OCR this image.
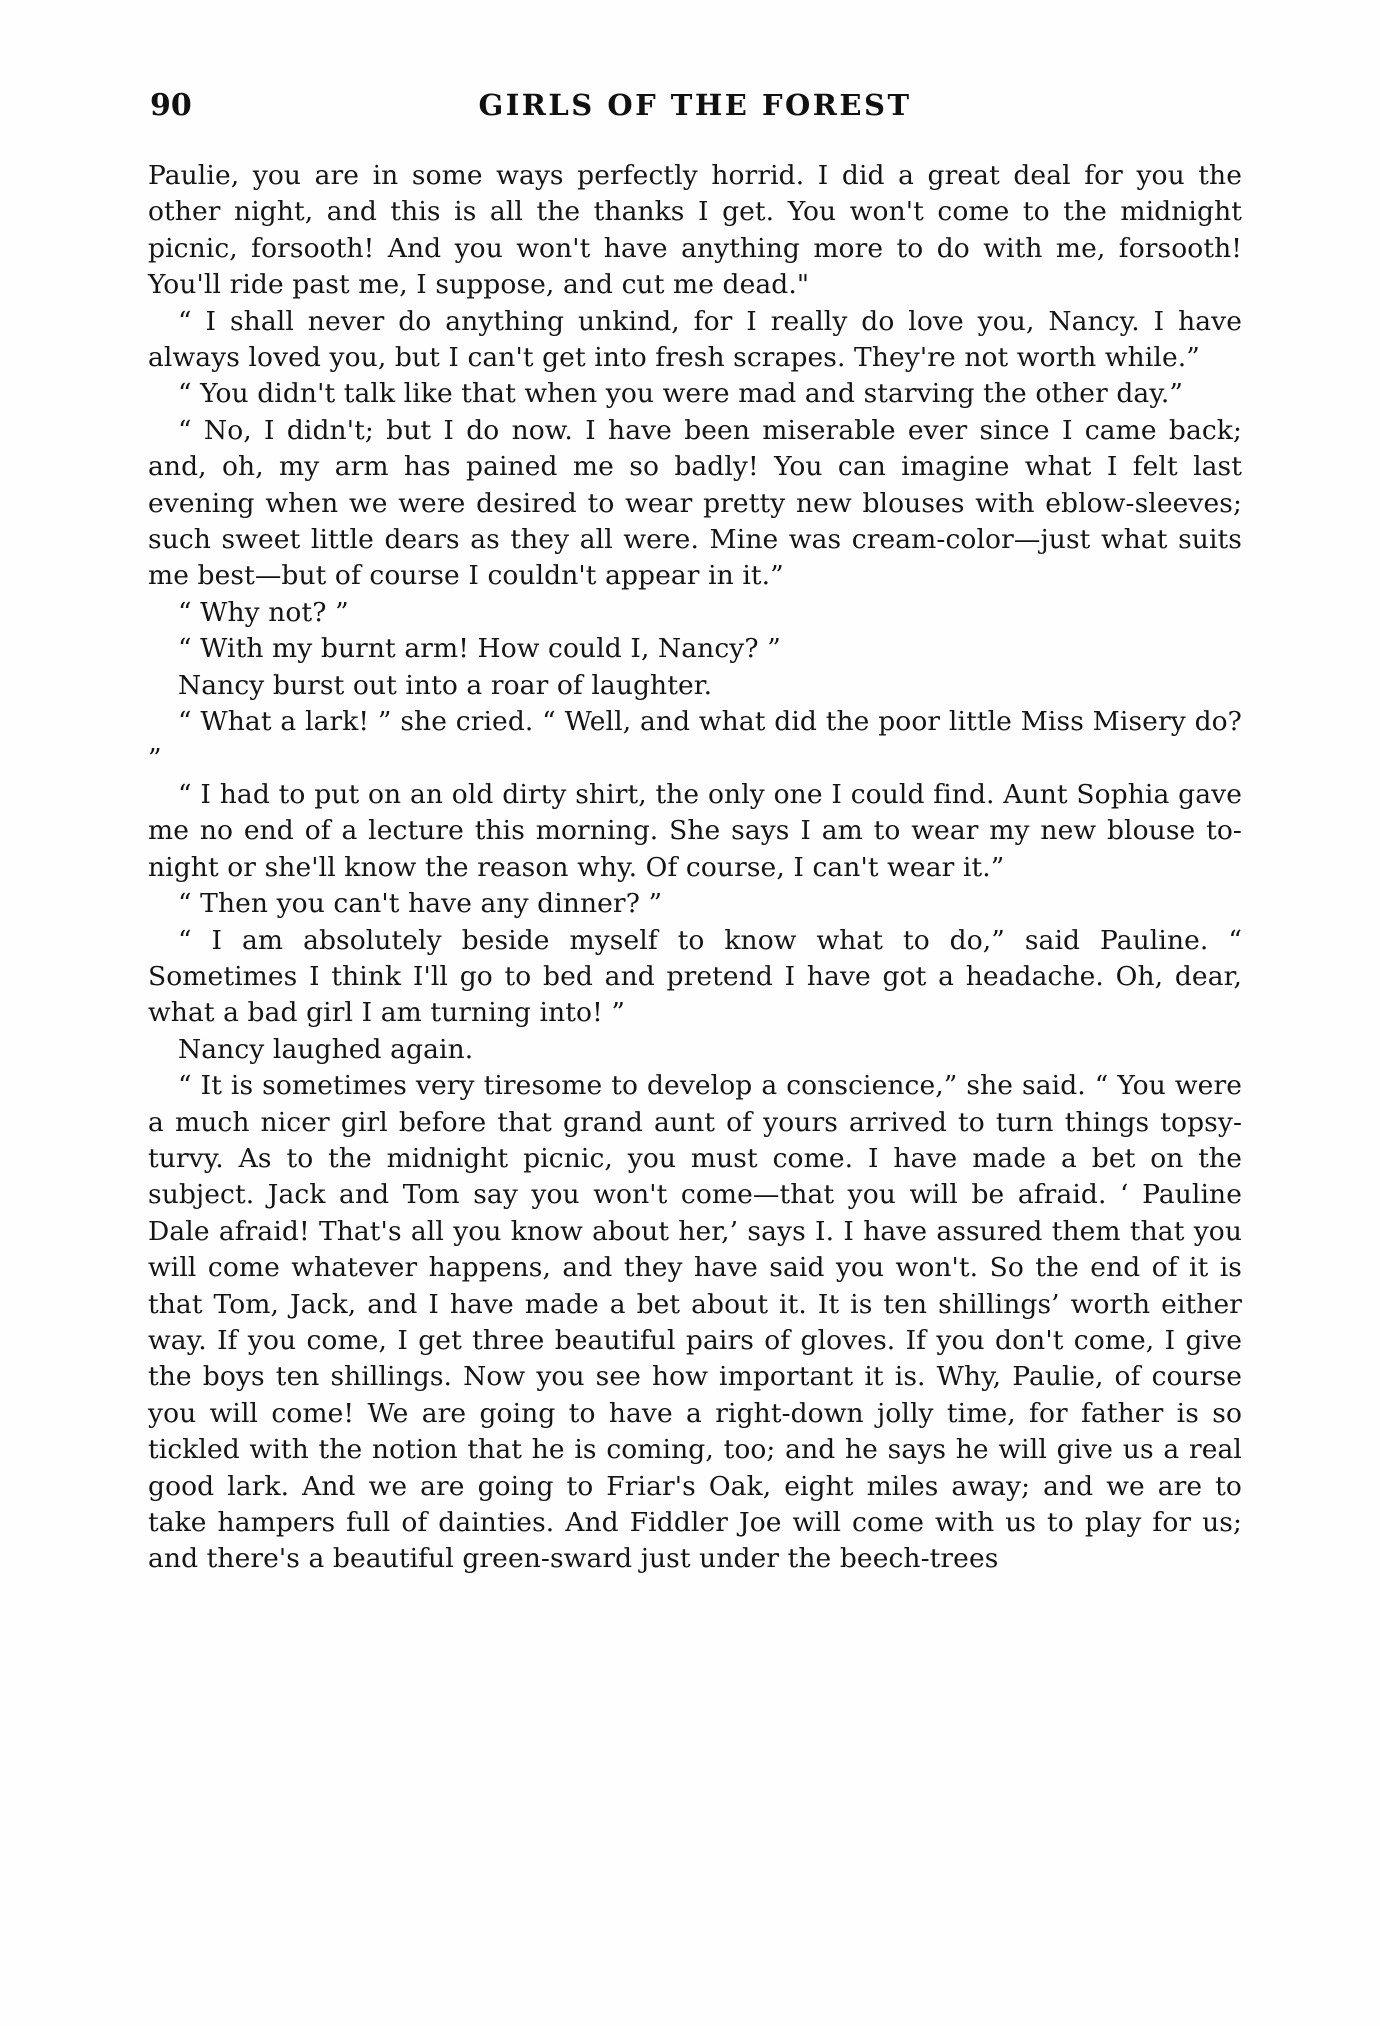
90	GIRLS OF THE FOREST

Paulie, you are in some ways perfectly horrid. I did a great deal for you the other night, and this is all the thanks I get. You won't come to the midnight picnic, forsooth! And you won't have anything more to do with me, forsooth! You'll ride past me, I suppose, and cut me dead."

“ I shall never do anything unkind, for I really do love you, Nancy. I have always loved you, but I can't get into fresh scrapes. They're not worth while.”

“ You didn't talk like that when you were mad and starving the other day.”

“ No, I didn't; but I do now. I have been miserable ever since I came back; and, oh, my arm has pained me so badly! You can imagine what I felt last evening when we were desired to wear pretty new blouses with eblow-sleeves; such sweet little dears as they all were. Mine was cream-color—just what suits me best—but of course I couldn't appear in it.”

“ Why not? ”

“ With my burnt arm! How could I, Nancy? ”

Nancy burst out into a roar of laughter.

“ What a lark! ” she cried. “ Well, and what did the poor little Miss Misery do? ”

“ I had to put on an old dirty shirt, the only one I could find. Aunt Sophia gave me no end of a lecture this morning. She says I am to wear my new blouse to-night or she'll know the reason why. Of course, I can't wear it.”

“ Then you can't have any dinner? ”

“ I am absolutely beside myself to know what to do,” said Pauline. “ Sometimes I think I'll go to bed and pretend I have got a headache. Oh, dear, what a bad girl I am turning into! ”

Nancy laughed again.

“ It is sometimes very tiresome to develop a conscience,” she said. “ You were a much nicer girl before that grand aunt of yours arrived to turn things topsy-turvy. As to the midnight picnic, you must come. I have made a bet on the subject. Jack and Tom say you won't come—that you will be afraid. ‘ Pauline Dale afraid! That's all you know about her,’ says I. I have assured them that you will come whatever happens, and they have said you won't. So the end of it is that Tom, Jack, and I have made a bet about it. It is ten shillings’ worth either way. If you come, I get three beautiful pairs of gloves. If you don't come, I give the boys ten shillings. Now you see how important it is. Why, Paulie, of course you will come! We are going to have a right-down jolly time, for father is so tickled with the notion that he is coming, too; and he says he will give us a real good lark. And we are going to Friar's Oak, eight miles away; and we are to take hampers full of dainties. And Fiddler Joe will come with us to play for us; and there's a beautiful green-sward just under the beech-trees
